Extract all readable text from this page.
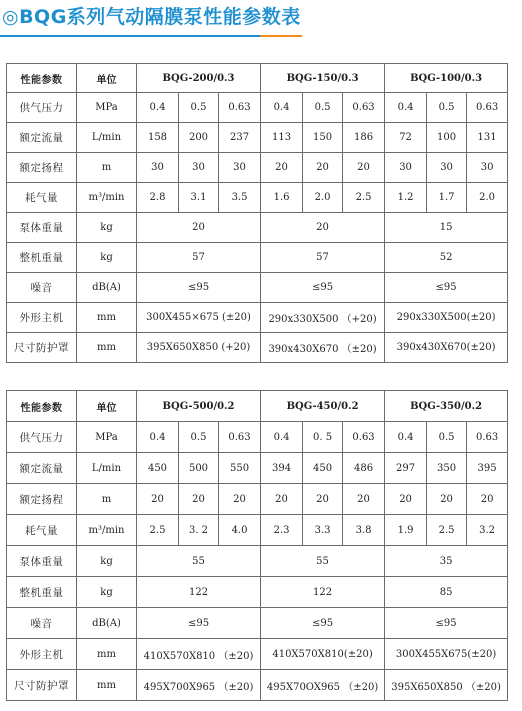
◎BQG系列气动隔膜泵性能参数表
性能参数	单位	BQG-200/0.3			BQG-150/0.3			BQG-100/0.3		
供气压力	MPa	0.4	0.5	0.63	0.4	0.5	0.63	0.4	0.5	0.63
额定流量	L/min	158	200	237	113	150	186	72	100	131
额定扬程	m	30	30	30	20	20	20	30	30	30
耗气量	m³/min	2.8	3.1	3.5	1.6	2.0	2.5	1.2	1.7	2.0
泵体重量	kg	20			20			15		
整机重量	kg	57			57			52		
噪音	dB(A)	≤95			≤95			≤95		
外形主机	mm	300X455×675 (±20)			290x330X500 （+20)			290x330X500(±20)		
尺寸防护罩	mm	395X650X850 (+20)			390x430X670 （±20)			390x430X670(±20)		
性能参数	单位	BQG-500/0.2			BQG-450/0.2			BQG-350/0.2		
供气压力	MPa	0.4	0.5	0.63	0.4	0. 5	0.63	0.4	0.5	0.63
额定流量	L/min	450	500	550	394	450	486	297	350	395
额定扬程	m	20	20	20	20	20	20	20	20	20
耗气量	m³/min	2.5	3. 2	4.0	2.3	3.3	3.8	1.9	2.5	3.2
泵体重量	kg	55			55			35		
整机重量	kg	122			122			85		
噪音	dB(A)	≤95			≤95			≤95		
外形主机	mm	410X570X810 （±20)			410X570X810(±20)			300X455X675(±20)		
尺寸防护罩	mm	495X700X965 （±20)			495X70OX965 （±20)			395X650X850 （±20)		
